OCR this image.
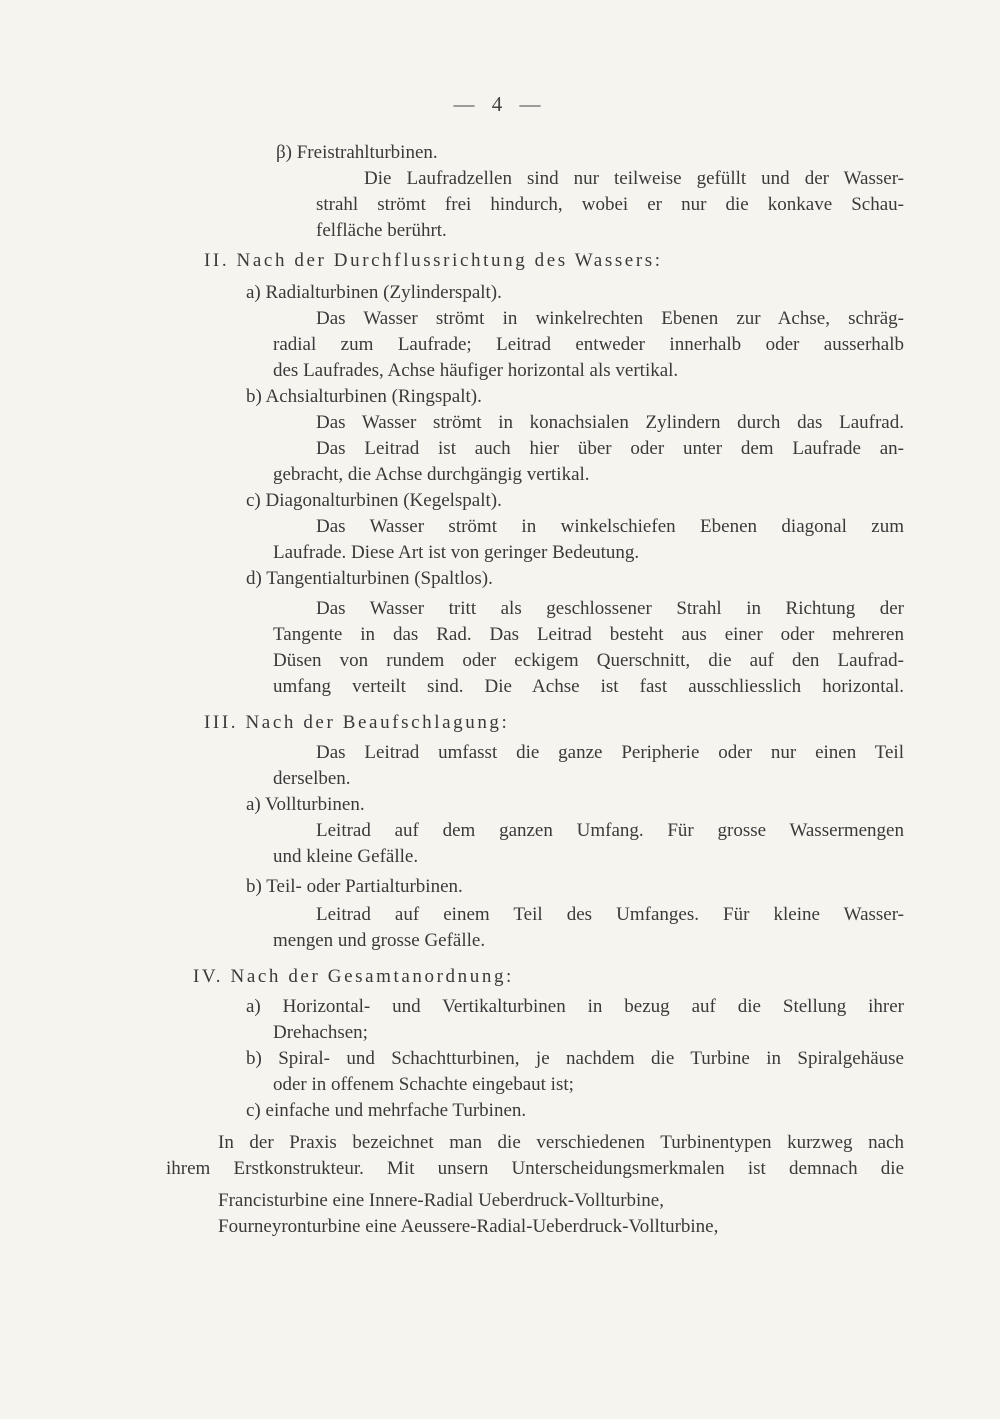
— 4 —
β) Freistrahlturbinen.
Die Laufradzellen sind nur teilweise gefüllt und der Wasser-
strahl strömt frei hindurch, wobei er nur die konkave Schau-
felfläche berührt.
II. Nach der Durchflussrichtung des Wassers:
a) Radialturbinen (Zylinderspalt).
Das Wasser strömt in winkelrechten Ebenen zur Achse, schräg-
radial zum Laufrade; Leitrad entweder innerhalb oder ausserhalb
des Laufrades, Achse häufiger horizontal als vertikal.
b) Achsialturbinen (Ringspalt).
Das Wasser strömt in konachsialen Zylindern durch das Laufrad.
Das Leitrad ist auch hier über oder unter dem Laufrade an-
gebracht, die Achse durchgängig vertikal.
c) Diagonalturbinen (Kegelspalt).
Das Wasser strömt in winkelschiefen Ebenen diagonal zum
Laufrade. Diese Art ist von geringer Bedeutung.
d) Tangentialturbinen (Spaltlos).
Das Wasser tritt als geschlossener Strahl in Richtung der
Tangente in das Rad. Das Leitrad besteht aus einer oder mehreren
Düsen von rundem oder eckigem Querschnitt, die auf den Laufrad-
umfang verteilt sind. Die Achse ist fast ausschliesslich horizontal.
III. Nach der Beaufschlagung:
Das Leitrad umfasst die ganze Peripherie oder nur einen Teil
derselben.
a) Vollturbinen.
Leitrad auf dem ganzen Umfang. Für grosse Wassermengen
und kleine Gefälle.
b) Teil- oder Partialturbinen.
Leitrad auf einem Teil des Umfanges. Für kleine Wasser-
mengen und grosse Gefälle.
IV. Nach der Gesamtanordnung:
a) Horizontal- und Vertikalturbinen in bezug auf die Stellung ihrer
Drehachsen;
b) Spiral- und Schachtturbinen, je nachdem die Turbine in Spiralgehäuse
oder in offenem Schachte eingebaut ist;
c) einfache und mehrfache Turbinen.
In der Praxis bezeichnet man die verschiedenen Turbinentypen kurzweg nach
ihrem Erstkonstrukteur. Mit unsern Unterscheidungsmerkmalen ist demnach die
Francisturbine eine Innere-Radial Ueberdruck-Vollturbine,
Fourneyronturbine eine Aeussere-Radial-Ueberdruck-Vollturbine,
